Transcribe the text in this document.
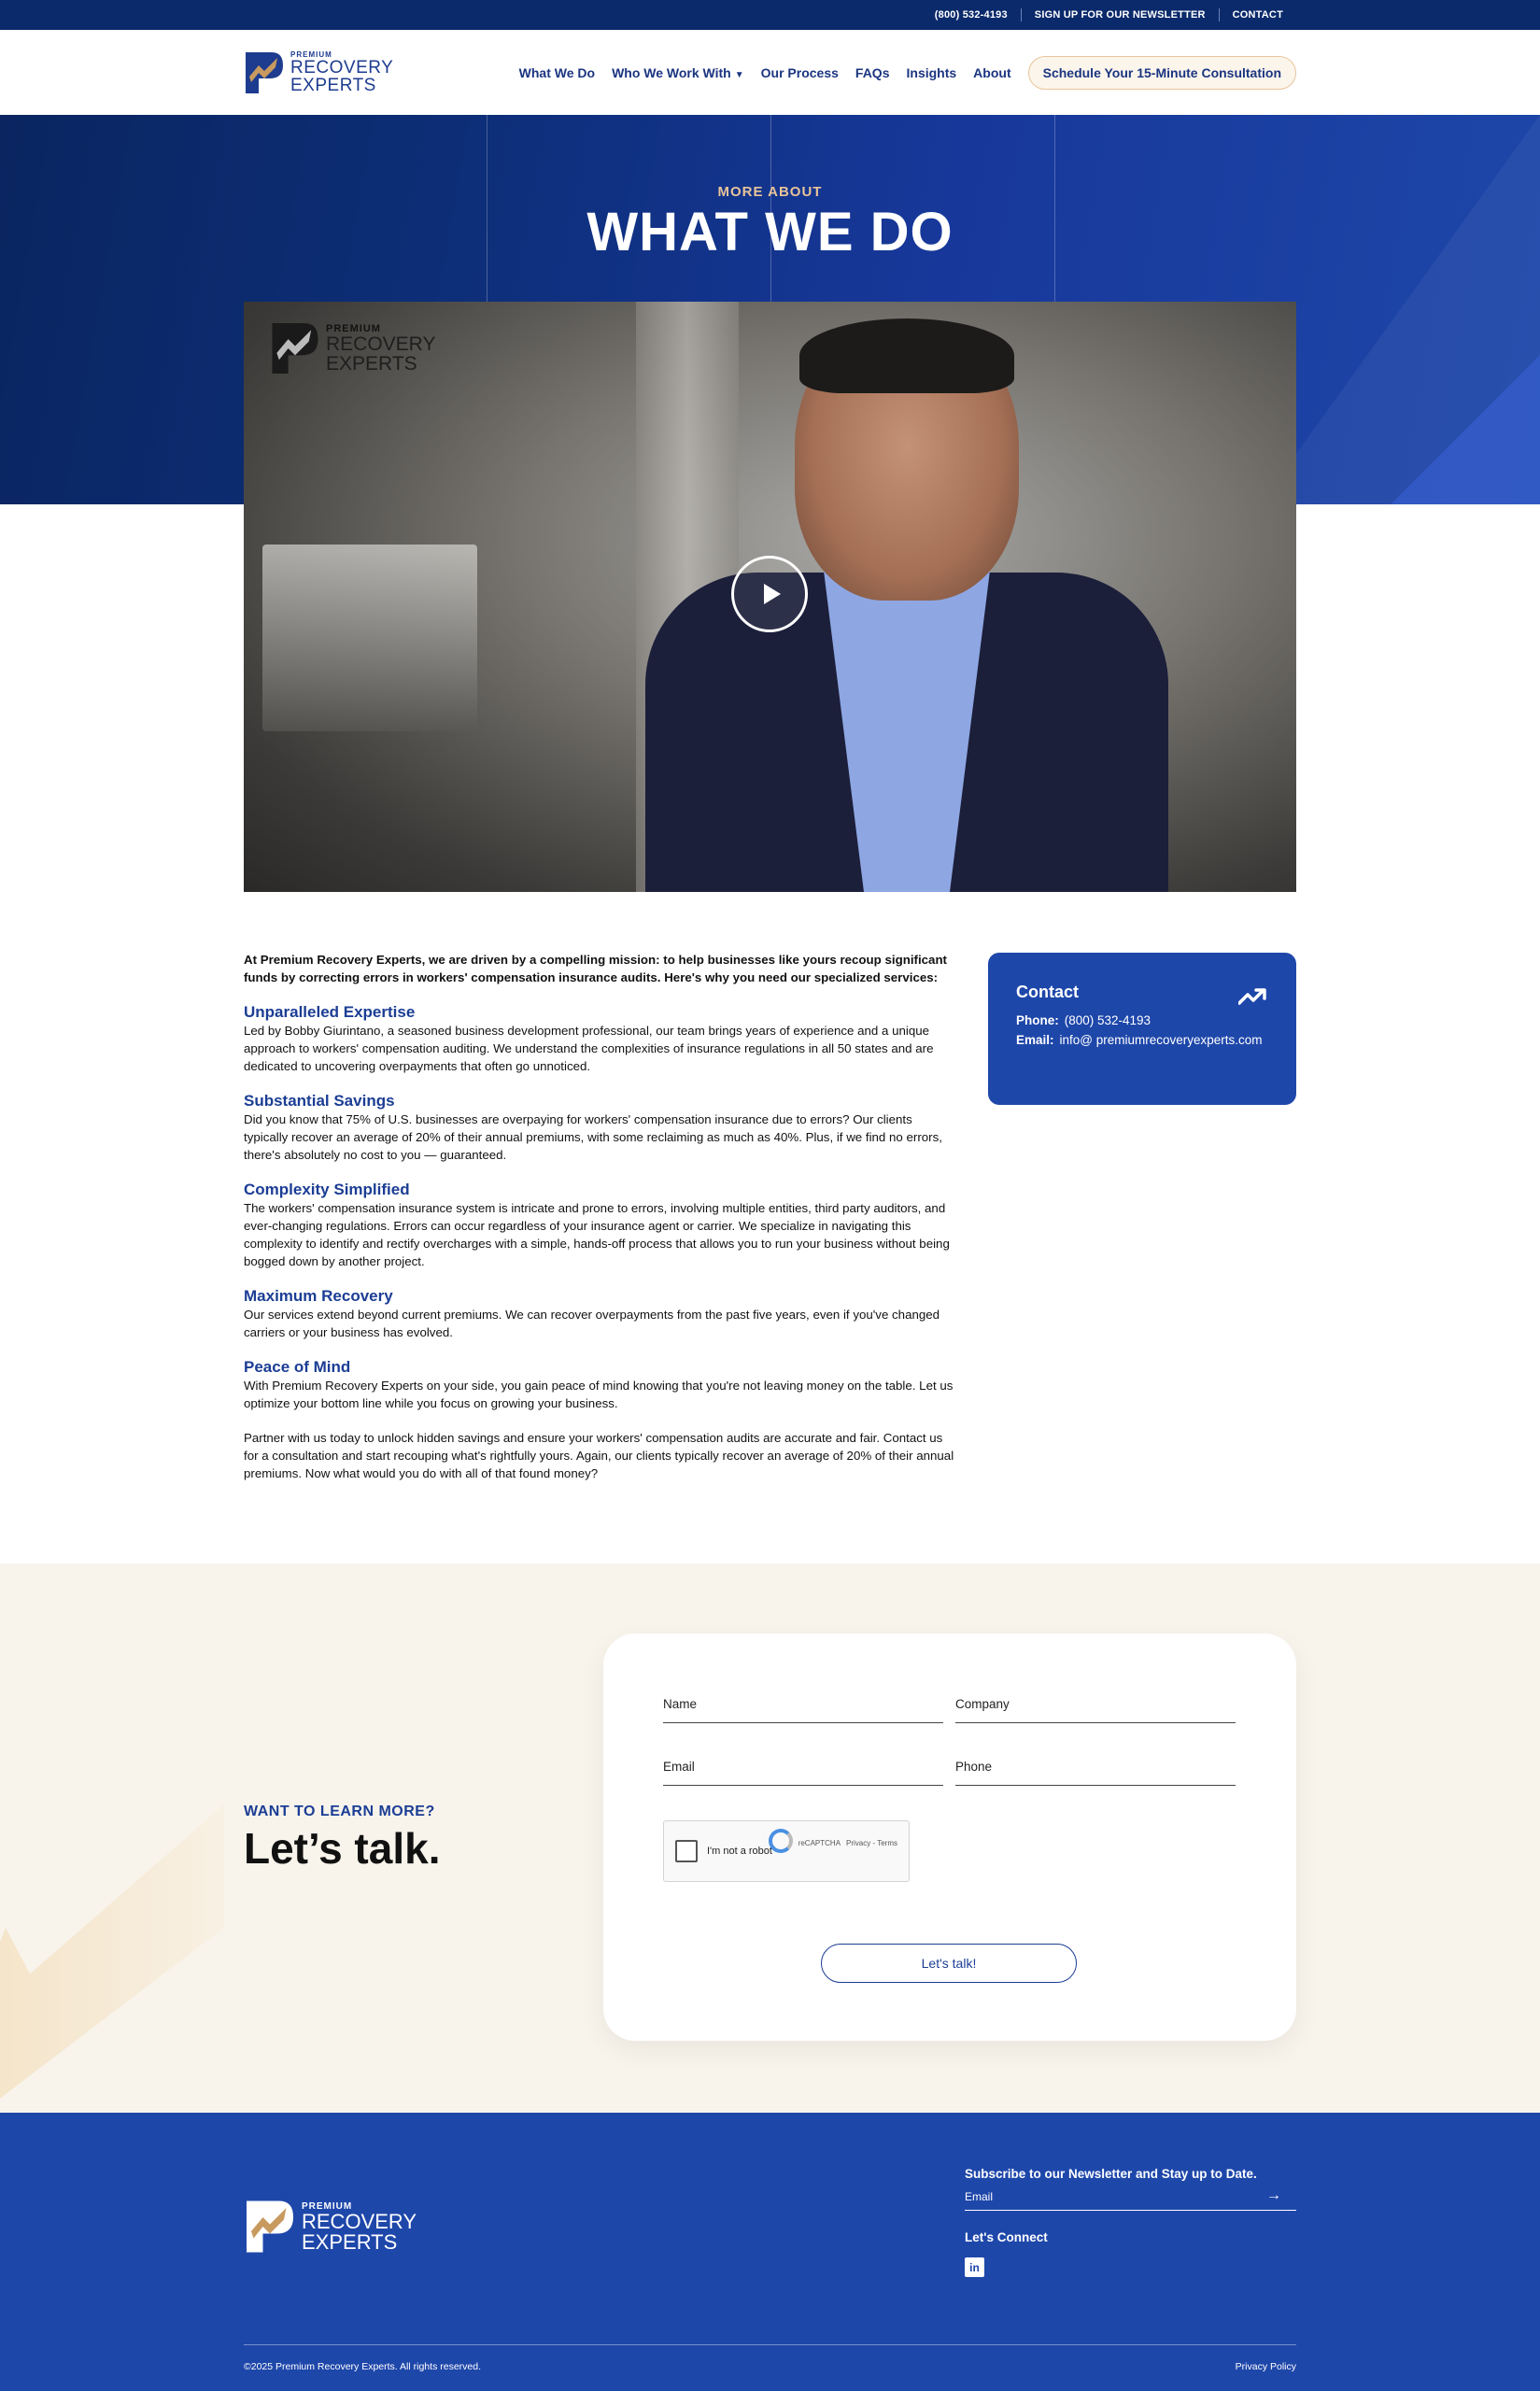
(800) 532-4193	SIGN UP FOR OUR NEWSLETTER	CONTACT
PREMIUM
RECOVERY
EXPERTS
What We Do Who We Work With ▼ Our Process FAQs Insights About	Schedule Your 15-Minute Consultation
MORE ABOUT
WHAT WE DO
PREMIUM
RECOVERY
EXPERTS

At Premium Recovery Experts, we are driven by a compelling mission: to help businesses like yours recoup significant funds by correcting errors in workers' compensation insurance audits. Here's why you need our specialized services:

Unparalleled Expertise

Led by Bobby Giurintano, a seasoned business development professional, our team brings years of experience and a unique approach to workers' compensation auditing. We understand the complexities of insurance regulations in all 50 states and are dedicated to uncovering overpayments that often go unnoticed.

Substantial Savings

Did you know that 75% of U.S. businesses are overpaying for workers' compensation insurance due to errors? Our clients typically recover an average of 20% of their annual premiums, with some reclaiming as much as 40%. Plus, if we find no errors, there's absolutely no cost to you — guaranteed.

Complexity Simplified

The workers' compensation insurance system is intricate and prone to errors, involving multiple entities, third party auditors, and ever-changing regulations. Errors can occur regardless of your insurance agent or carrier. We specialize in navigating this complexity to identify and rectify overcharges with a simple, hands-off process that allows you to run your business without being bogged down by another project.

Maximum Recovery

Our services extend beyond current premiums. We can recover overpayments from the past five years, even if you've changed carriers or your business has evolved.

Peace of Mind

With Premium Recovery Experts on your side, you gain peace of mind knowing that you're not leaving money on the table. Let us optimize your bottom line while you focus on growing your business.

Partner with us today to unlock hidden savings and ensure your workers' compensation audits are accurate and fair. Contact us for a consultation and start recouping what's rightfully yours. Again, our clients typically recover an average of 20% of their annual premiums. Now what would you do with all of that found money?

Contact
Phone: (800) 532-4193
Email: info@ premiumrecoveryexperts.com
WANT TO LEARN MORE?
Let’s talk.
Name	Company
Email	Phone
I'm not a robot
reCAPTCHA Privacy - Terms
Let's talk!
PREMIUM
RECOVERY
EXPERTS
Subscribe to our Newsletter and Stay up to Date.
Email	→
Let's Connect
in
©2025 Premium Recovery Experts. All rights reserved.	Privacy Policy
